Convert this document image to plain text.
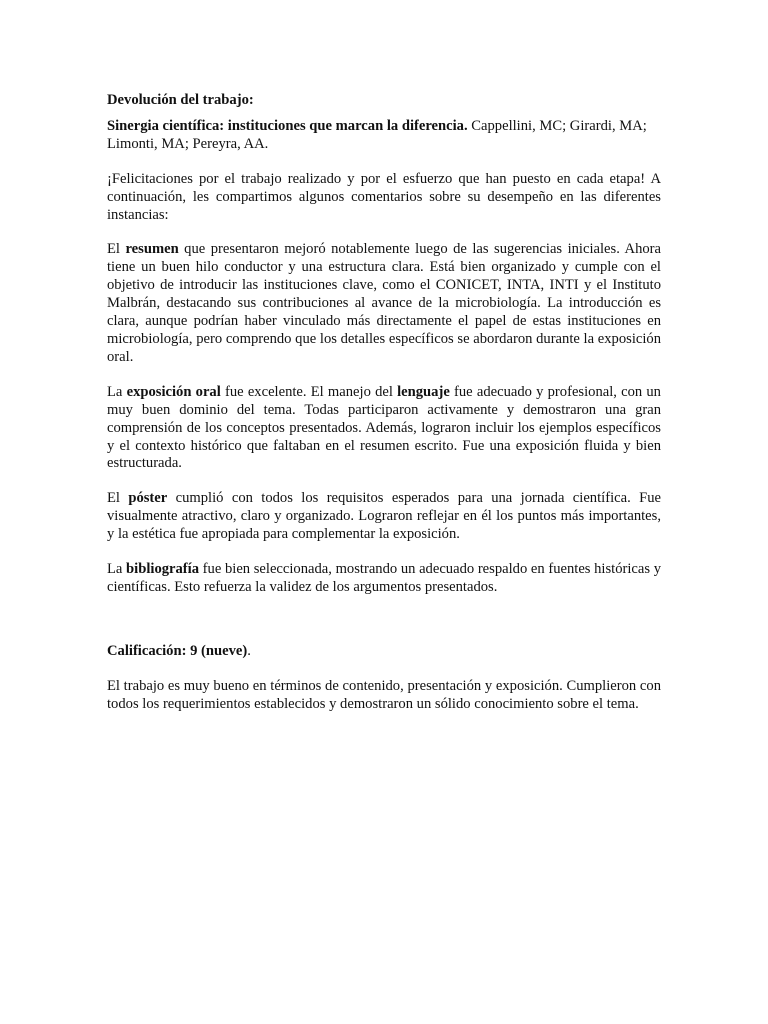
Devolución del trabajo:

Sinergia científica: instituciones que marcan la diferencia. Cappellini, MC; Girardi, MA; Limonti, MA; Pereyra, AA.

¡Felicitaciones por el trabajo realizado y por el esfuerzo que han puesto en cada etapa! A continuación, les compartimos algunos comentarios sobre su desempeño en las diferentes instancias:

El resumen que presentaron mejoró notablemente luego de las sugerencias iniciales. Ahora tiene un buen hilo conductor y una estructura clara. Está bien organizado y cumple con el objetivo de introducir las instituciones clave, como el CONICET, INTA, INTI y el Instituto Malbrán, destacando sus contribuciones al avance de la microbiología. La introducción es clara, aunque podrían haber vinculado más directamente el papel de estas instituciones en microbiología, pero comprendo que los detalles específicos se abordaron durante la exposición oral.

La exposición oral fue excelente. El manejo del lenguaje fue adecuado y profesional, con un muy buen dominio del tema. Todas participaron activamente y demostraron una gran comprensión de los conceptos presentados. Además, lograron incluir los ejemplos específicos y el contexto histórico que faltaban en el resumen escrito. Fue una exposición fluida y bien estructurada.

El póster cumplió con todos los requisitos esperados para una jornada científica. Fue visualmente atractivo, claro y organizado. Lograron reflejar en él los puntos más importantes, y la estética fue apropiada para complementar la exposición.

La bibliografía fue bien seleccionada, mostrando un adecuado respaldo en fuentes históricas y científicas. Esto refuerza la validez de los argumentos presentados.

Calificación: 9 (nueve).

El trabajo es muy bueno en términos de contenido, presentación y exposición. Cumplieron con todos los requerimientos establecidos y demostraron un sólido conocimiento sobre el tema.
